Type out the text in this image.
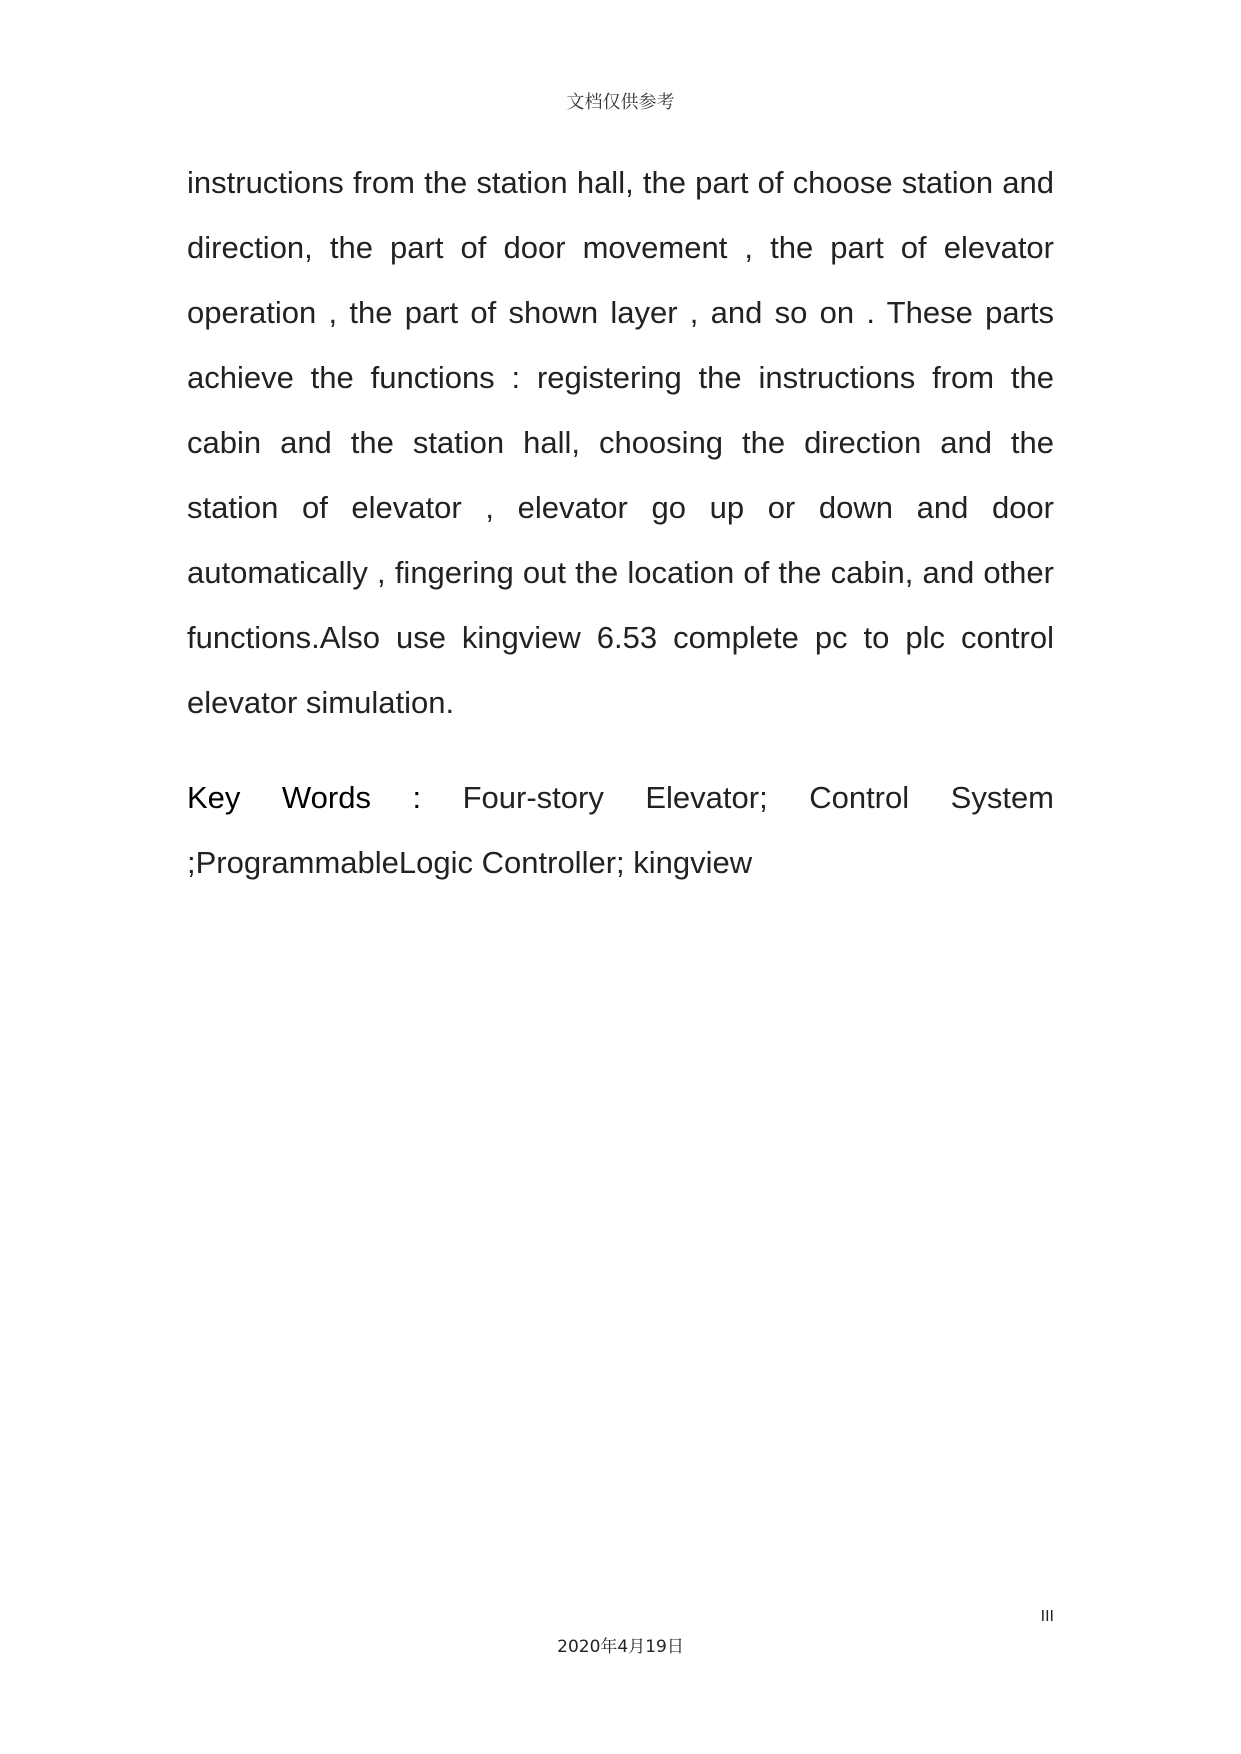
文档仅供参考

instructions from the station hall, the part of choose station and direction, the part of door movement , the part of elevator operation , the part of shown layer , and so on . These parts achieve the functions : registering the instructions from the cabin and the station hall, choosing the direction and the station of elevator , elevator go up or down and door automatically , fingering out the location of the cabin, and other functions.Also use kingview 6.53 complete pc to plc control elevator simulation.

Key Words : Four-story Elevator; Control System ;ProgrammableLogic Controller; kingview

III
2020年4月19日
